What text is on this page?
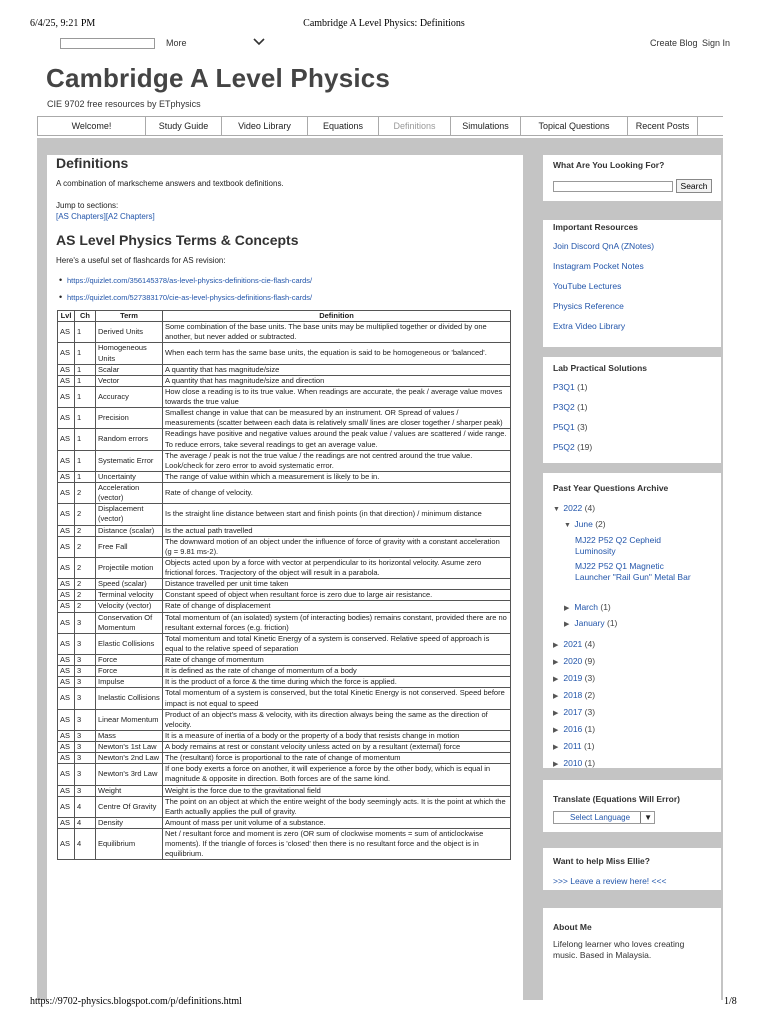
6/4/25, 9:21 PM	Cambridge A Level Physics: Definitions
More	Create Blog Sign In
Cambridge A Level Physics
CIE 9702 free resources by ETphysics
Welcome!	Study Guide	Video Library	Equations	Definitions	Simulations	Topical Questions	Recent Posts
Definitions
A combination of markscheme answers and textbook definitions.
Jump to sections:
[AS Chapters][A2 Chapters]
AS Level Physics Terms & Concepts
Here's a useful set of flashcards for AS revision:
• https://quizlet.com/356145378/as-level-physics-definitions-cie-flash-cards/
• https://quizlet.com/527383170/cie-as-level-physics-definitions-flash-cards/
Lvl	Ch	Term	Definition
AS	1	Derived Units	Some combination of the base units. The base units may be multiplied together or divided by one another, but never added or subtracted.
AS	1	Homogeneous Units	When each term has the same base units, the equation is said to be homogeneous or 'balanced'.
AS	1	Scalar	A quantity that has magnitude/size
AS	1	Vector	A quantity that has magnitude/size and direction
AS	1	Accuracy	How close a reading is to its true value. When readings are accurate, the peak / average value moves towards the true value
AS	1	Precision	Smallest change in value that can be measured by an instrument. OR Spread of values / measurements (scatter between each data is relatively small/ lines are closer together / sharper peak)
AS	1	Random errors	Readings have positive and negative values around the peak value / values are scattered / wide range. To reduce errors, take several readings to get an average value.
AS	1	Systematic Error	The average / peak is not the true value / the readings are not centred around the true value. Look/check for zero error to avoid systematic error.
AS	1	Uncertainty	The range of value within which a measurement is likely to be in.
AS	2	Acceleration (vector)	Rate of change of velocity.
AS	2	Displacement (vector)	Is the straight line distance between start and finish points (in that direction) / minimum distance
AS	2	Distance (scalar)	Is the actual path travelled
AS	2	Free Fall	The downward motion of an object under the influence of force of gravity with a constant acceleration (g = 9.81 ms-2).
AS	2	Projectile motion	Objects acted upon by a force with vector at perpendicular to its horizontal velocity. Asume zero frictional forces. Tracjectory of the object will result in a parabola.
AS	2	Speed (scalar)	Distance travelled per unit time taken
AS	2	Terminal velocity	Constant speed of object when resultant force is zero due to large air resistance.
AS	2	Velocity (vector)	Rate of change of displacement
AS	3	Conservation Of Momentum	Total momentum of (an isolated) system (of interacting bodies) remains constant, provided there are no resultant external forces (e.g. friction)
AS	3	Elastic Collisions	Total momentum and total Kinetic Energy of a system is conserved. Relative speed of approach is equal to the relative speed of separation
AS	3	Force	Rate of change of momentum
AS	3	Force	It is defined as the rate of change of momentum of a body
AS	3	Impulse	It is the product of a force & the time during which the force is applied.
AS	3	Inelastic Collisions	Total momentum of a system is conserved, but the total Kinetic Energy is not conserved. Speed before impact is not equal to speed
AS	3	Linear Momentum	Product of an object's mass & velocity, with its direction always being the same as the direction of velocity.
AS	3	Mass	It is a measure of inertia of a body or the property of a body that resists change in motion
AS	3	Newton's 1st Law	A body remains at rest or constant velocity unless acted on by a resultant (external) force
AS	3	Newton's 2nd Law	The (resultant) force is proportional to the rate of change of momentum
AS	3	Newton's 3rd Law	If one body exerts a force on another, it will experience a force by the other body, which is equal in magnitude & opposite in direction. Both forces are of the same kind.
AS	3	Weight	Weight is the force due to the gravitational field
AS	4	Centre Of Gravity	The point on an object at which the entire weight of the body seemingly acts. It is the point at which the Earth actually applies the pull of gravity.
AS	4	Density	Amount of mass per unit volume of a substance.
AS	4	Equilibrium	Net / resultant force and moment is zero (OR sum of clockwise moments = sum of anticlockwise moments). If the triangle of forces is 'closed' then there is no resultant force and the object is in equilibrium.
What Are You Looking For?
Search
Important Resources
Join Discord QnA (ZNotes)
Instagram Pocket Notes
YouTube Lectures
Physics Reference
Extra Video Library
Lab Practical Solutions
P3Q1 (1)
P3Q2 (1)
P5Q1 (3)
P5Q2 (19)
Past Year Questions Archive
▼ 2022 (4)
▼ June (2)
MJ22 P52 Q2 Cepheid Luminosity
MJ22 P52 Q1 Magnetic Launcher "Rail Gun" Metal Bar
▶ March (1)
▶ January (1)
▶ 2021 (4)
▶ 2020 (9)
▶ 2019 (3)
▶ 2018 (2)
▶ 2017 (3)
▶ 2016 (1)
▶ 2011 (1)
▶ 2010 (1)
Translate (Equations Will Error)
Select Language	▼
Want to help Miss Ellie?
>>> Leave a review here! <<<
About Me
Lifelong learner who loves creating music. Based in Malaysia.
https://9702-physics.blogspot.com/p/definitions.html	1/8
